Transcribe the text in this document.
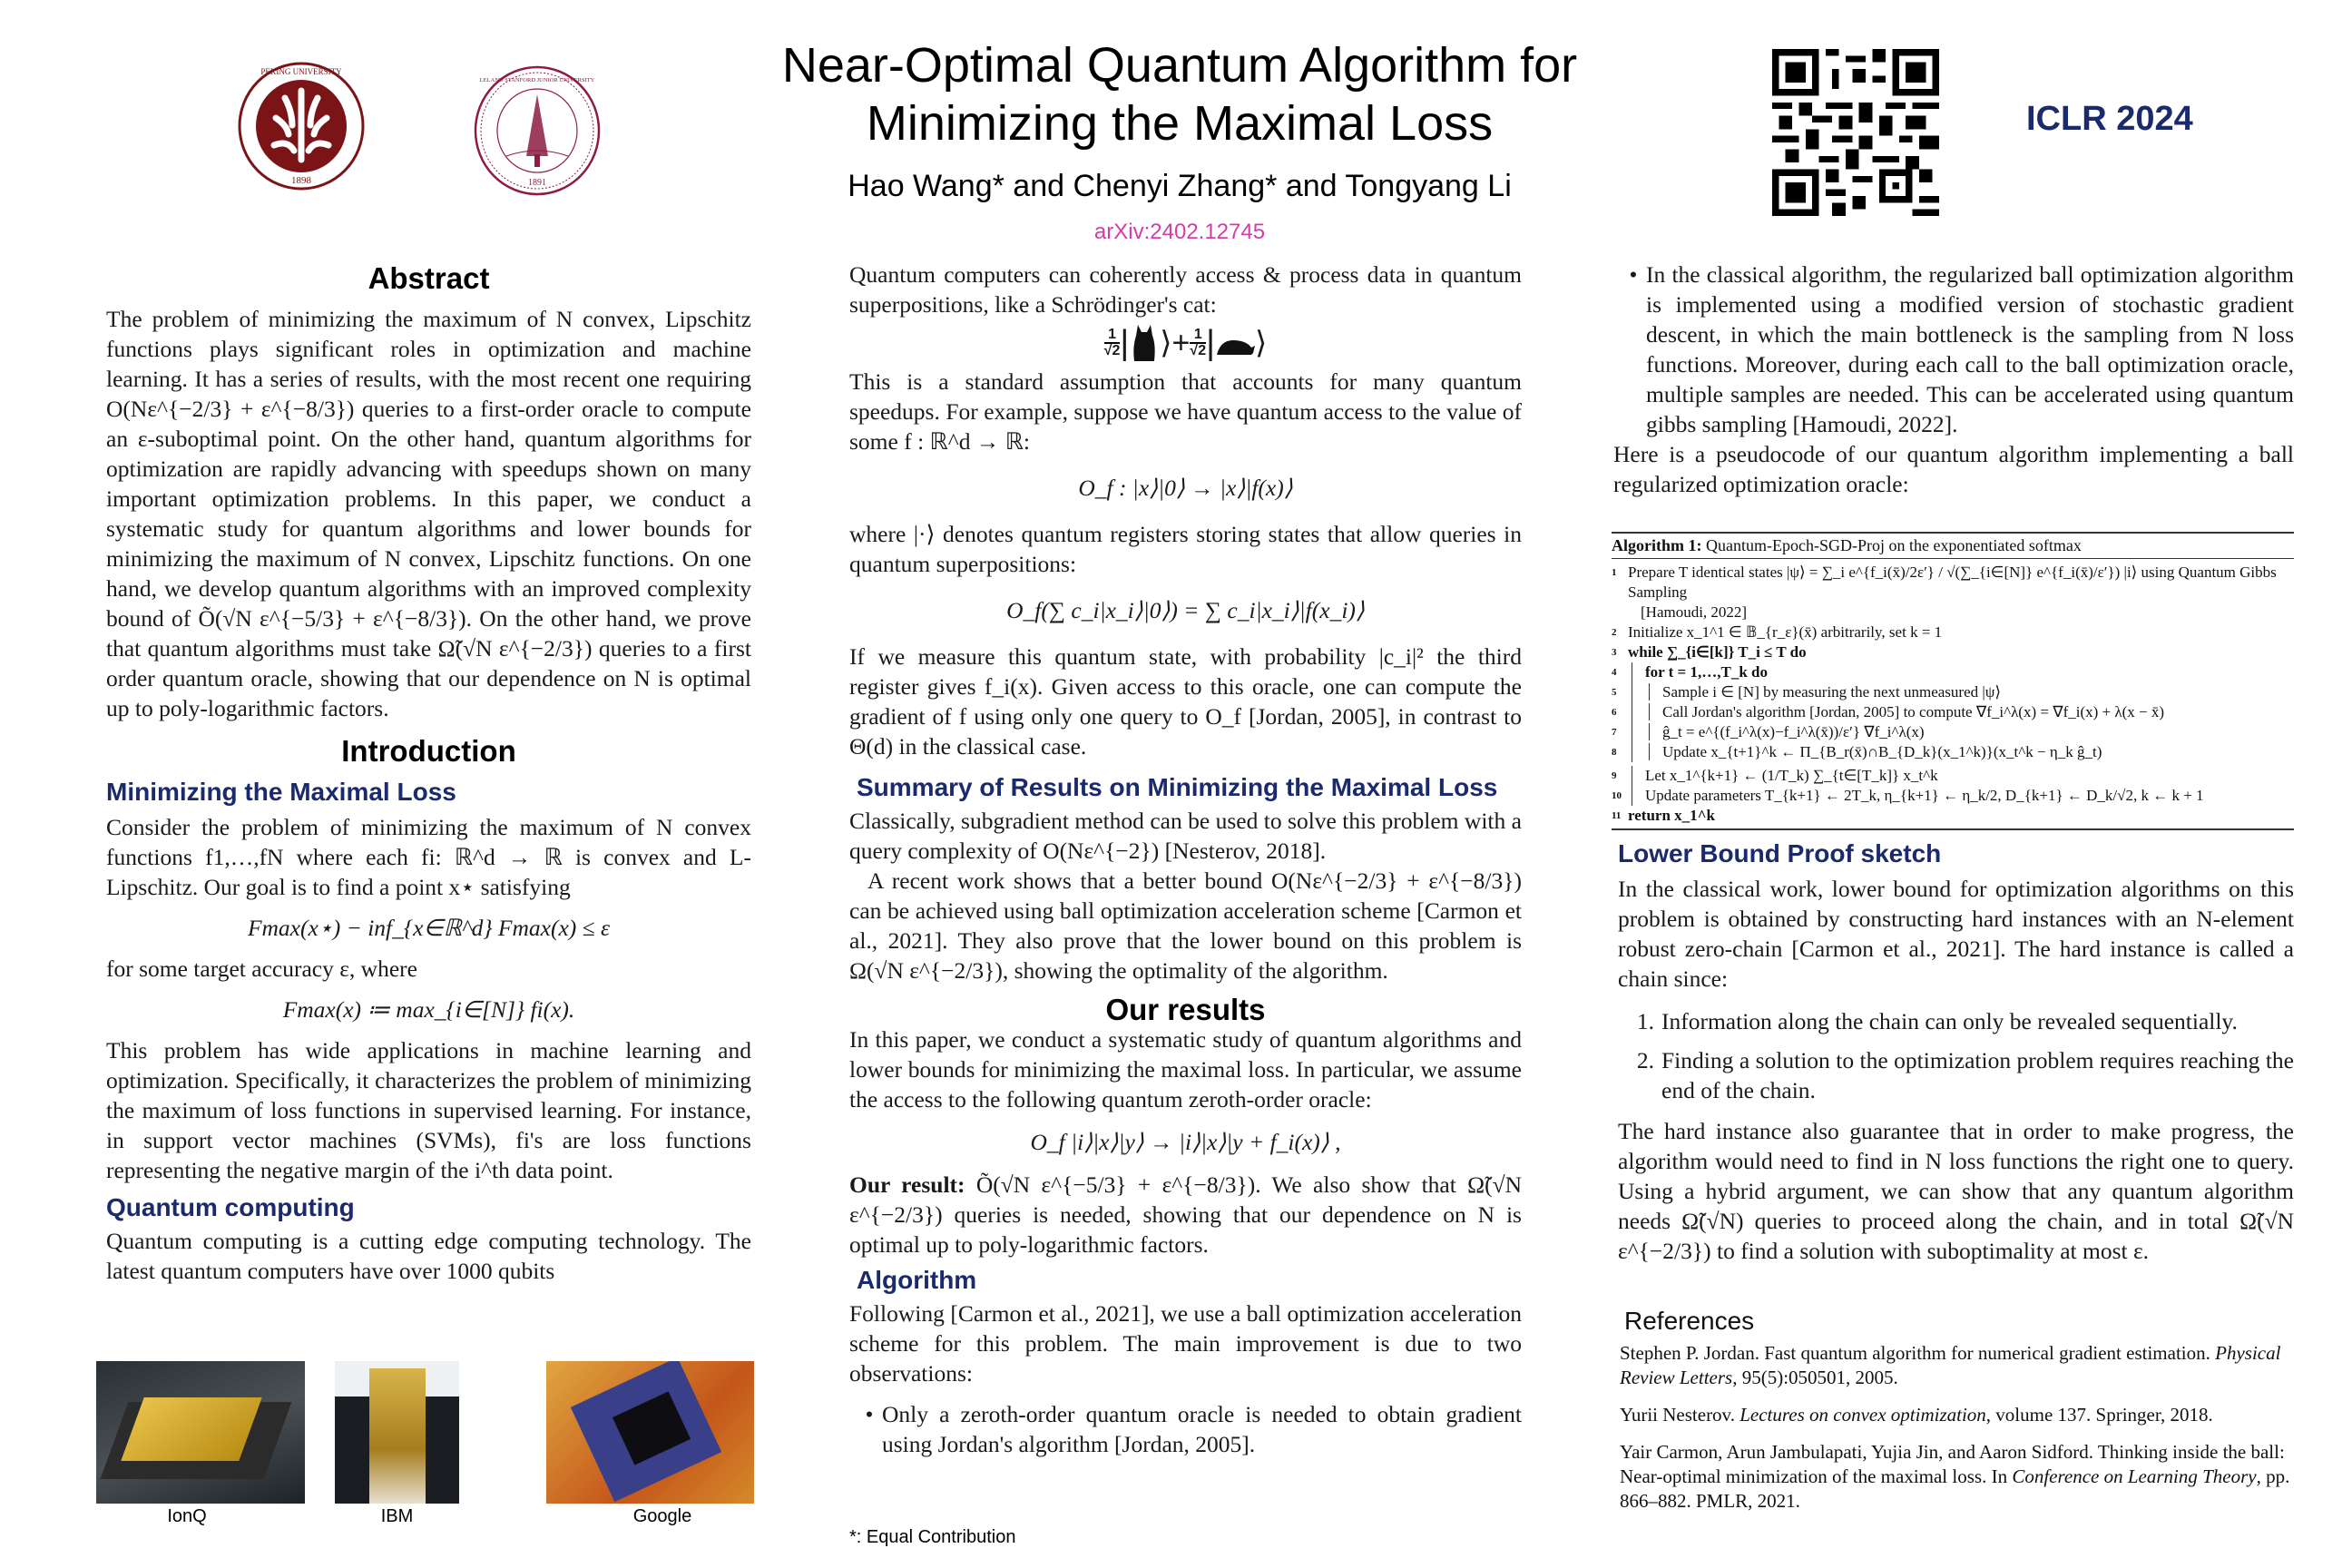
1898
PEKING UNIVERSITY
1891
LELAND STANFORD JUNIOR UNIVERSITY	Near-Optimal Quantum Algorithm for
Minimizing the Maximal Loss
Hao Wang* and Chenyi Zhang* and Tongyang Li
arXiv:2402.12745
ICLR 2024
Abstract

The problem of minimizing the maximum of N convex, Lipschitz functions plays significant roles in optimization and machine learning. It has a series of results, with the most recent one requiring O(Nε^{−2/3} + ε^{−8/3}) queries to a first-order oracle to compute an ε-suboptimal point. On the other hand, quantum algorithms for optimization are rapidly advancing with speedups shown on many important optimization problems. In this paper, we conduct a systematic study for quantum algorithms and lower bounds for minimizing the maximum of N convex, Lipschitz functions. On one hand, we develop quantum algorithms with an improved complexity bound of Õ(√N ε^{−5/3} + ε^{−8/3}). On the other hand, we prove that quantum algorithms must take Ω̃(√N ε^{−2/3}) queries to a first order quantum oracle, showing that our dependence on N is optimal up to poly-logarithmic factors.

Introduction
Minimizing the Maximal Loss

Consider the problem of minimizing the maximum of N convex functions f1,…,fN where each fi: ℝ^d → ℝ is convex and L-Lipschitz. Our goal is to find a point x⋆ satisfying

Fmax(x⋆) − inf_{x∈ℝ^d} Fmax(x) ≤ ε

for some target accuracy ε, where

Fmax(x) ≔ max_{i∈[N]} fi(x).

This problem has wide applications in machine learning and optimization. Specifically, it characterizes the problem of minimizing the maximum of loss functions in supervised learning. For instance, in support vector machines (SVMs), fi's are loss functions representing the negative margin of the i^th data point.

Quantum computing

Quantum computing is a cutting edge computing technology. The latest quantum computers have over 1000 qubits

IonQ	IBM	Google

Quantum computers can coherently access & process data in quantum superpositions, like a Schrödinger's cat:

1
√2 | ⟩+ $\frac{1}{√2}$ | ⟩

This is a standard assumption that accounts for many quantum speedups. For example, suppose we have quantum access to the value of some f : ℝ^d → ℝ:

O_f : |x⟩|0⟩ → |x⟩|f(x)⟩

where |·⟩ denotes quantum registers storing states that allow queries in quantum superpositions:

O_f(∑ c_i|x_i⟩|0⟩) = ∑ c_i|x_i⟩|f(x_i)⟩

If we measure this quantum state, with probability |c_i|² the third register gives f_i(x). Given access to this oracle, one can compute the gradient of f using only one query to O_f [Jordan, 2005], in contrast to Θ(d) in the classical case.

Summary of Results on Minimizing the Maximal Loss

Classically, subgradient method can be used to solve this problem with a query complexity of O(Nε^{−2}) [Nesterov, 2018].

A recent work shows that a better bound O(Nε^{−2/3} + ε^{−8/3}) can be achieved using ball optimization acceleration scheme [Carmon et al., 2021]. They also prove that the lower bound on this problem is Ω(√N ε^{−2/3}), showing the optimality of the algorithm.

Our results

In this paper, we conduct a systematic study of quantum algorithms and lower bounds for minimizing the maximal loss. In particular, we assume the access to the following quantum zeroth-order oracle:

O_f |i⟩|x⟩|y⟩ → |i⟩|x⟩|y + f_i(x)⟩ ,

Our result: Õ(√N ε^{−5/3} + ε^{−8/3}). We also show that Ω̃(√N ε^{−2/3}) queries is needed, showing that our dependence on N is optimal up to poly-logarithmic factors.

Algorithm

Following [Carmon et al., 2021], we use a ball optimization acceleration scheme for this problem. The main improvement is due to two observations:

• Only a zeroth-order quantum oracle is needed to obtain gradient using Jordan's algorithm [Jordan, 2005].
*: Equal Contribution
• In the classical algorithm, the regularized ball optimization algorithm is implemented using a modified version of stochastic gradient descent, in which the main bottleneck is the sampling from N loss functions. Moreover, during each call to the ball optimization oracle, multiple samples are needed. This can be accelerated using quantum gibbs sampling [Hamoudi, 2022].

Here is a pseudocode of our quantum algorithm implementing a ball regularized optimization oracle:

Algorithm 1: Quantum-Epoch-SGD-Proj on the exponentiated softmax
1 Prepare T identical states |ψ⟩ = ∑_i e^{f_i(x̄)/2ε′} / √(∑_{i∈[N]} e^{f_i(x̄)/ε′}) |i⟩ using Quantum Gibbs Sampling
[Hamoudi, 2022]
2 Initialize x_1^1 ∈ 𝔹_{r_ε}(x̄) arbitrarily, set k = 1
3 while ∑_{i∈[k]} T_i ≤ T do
4	for t = 1,…,T_k do
5	Sample i ∈ [N] by measuring the next unmeasured |ψ⟩
6	Call Jordan's algorithm [Jordan, 2005] to compute ∇f_i^λ(x) = ∇f_i(x) + λ(x − x̄)
7	ĝ_t = e^{(f_i^λ(x)−f_i^λ(x̄))/ε′} ∇f_i^λ(x)
8	Update x_{t+1}^k ← Π_{B_r(x̄)∩B_{D_k}(x_1^k)}(x_t^k − η_k ĝ_t)
9	Let x_1^{k+1} ← (1/T_k) ∑_{t∈[T_k]} x_t^k
10	Update parameters T_{k+1} ← 2T_k, η_{k+1} ← η_k/2, D_{k+1} ← D_k/√2, k ← k + 1
11 return x_1^k
Lower Bound Proof sketch

In the classical work, lower bound for optimization algorithms on this problem is obtained by constructing hard instances with an N-element robust zero-chain [Carmon et al., 2021]. The hard instance is called a chain since:

1. Information along the chain can only be revealed sequentially.
2. Finding a solution to the optimization problem requires reaching the end of the chain.

The hard instance also guarantee that in order to make progress, the algorithm would need to find in N loss functions the right one to query. Using a hybrid argument, we can show that any quantum algorithm needs Ω̃(√N) queries to proceed along the chain, and in total Ω̃(√N ε^{−2/3}) to find a solution with suboptimality at most ε.

References
Stephen P. Jordan. Fast quantum algorithm for numerical gradient estimation. Physical Review Letters, 95(5):050501, 2005.
Yurii Nesterov. Lectures on convex optimization, volume 137. Springer, 2018.
Yair Carmon, Arun Jambulapati, Yujia Jin, and Aaron Sidford. Thinking inside the ball: Near-optimal minimization of the maximal loss. In Conference on Learning Theory, pp. 866–882. PMLR, 2021.
